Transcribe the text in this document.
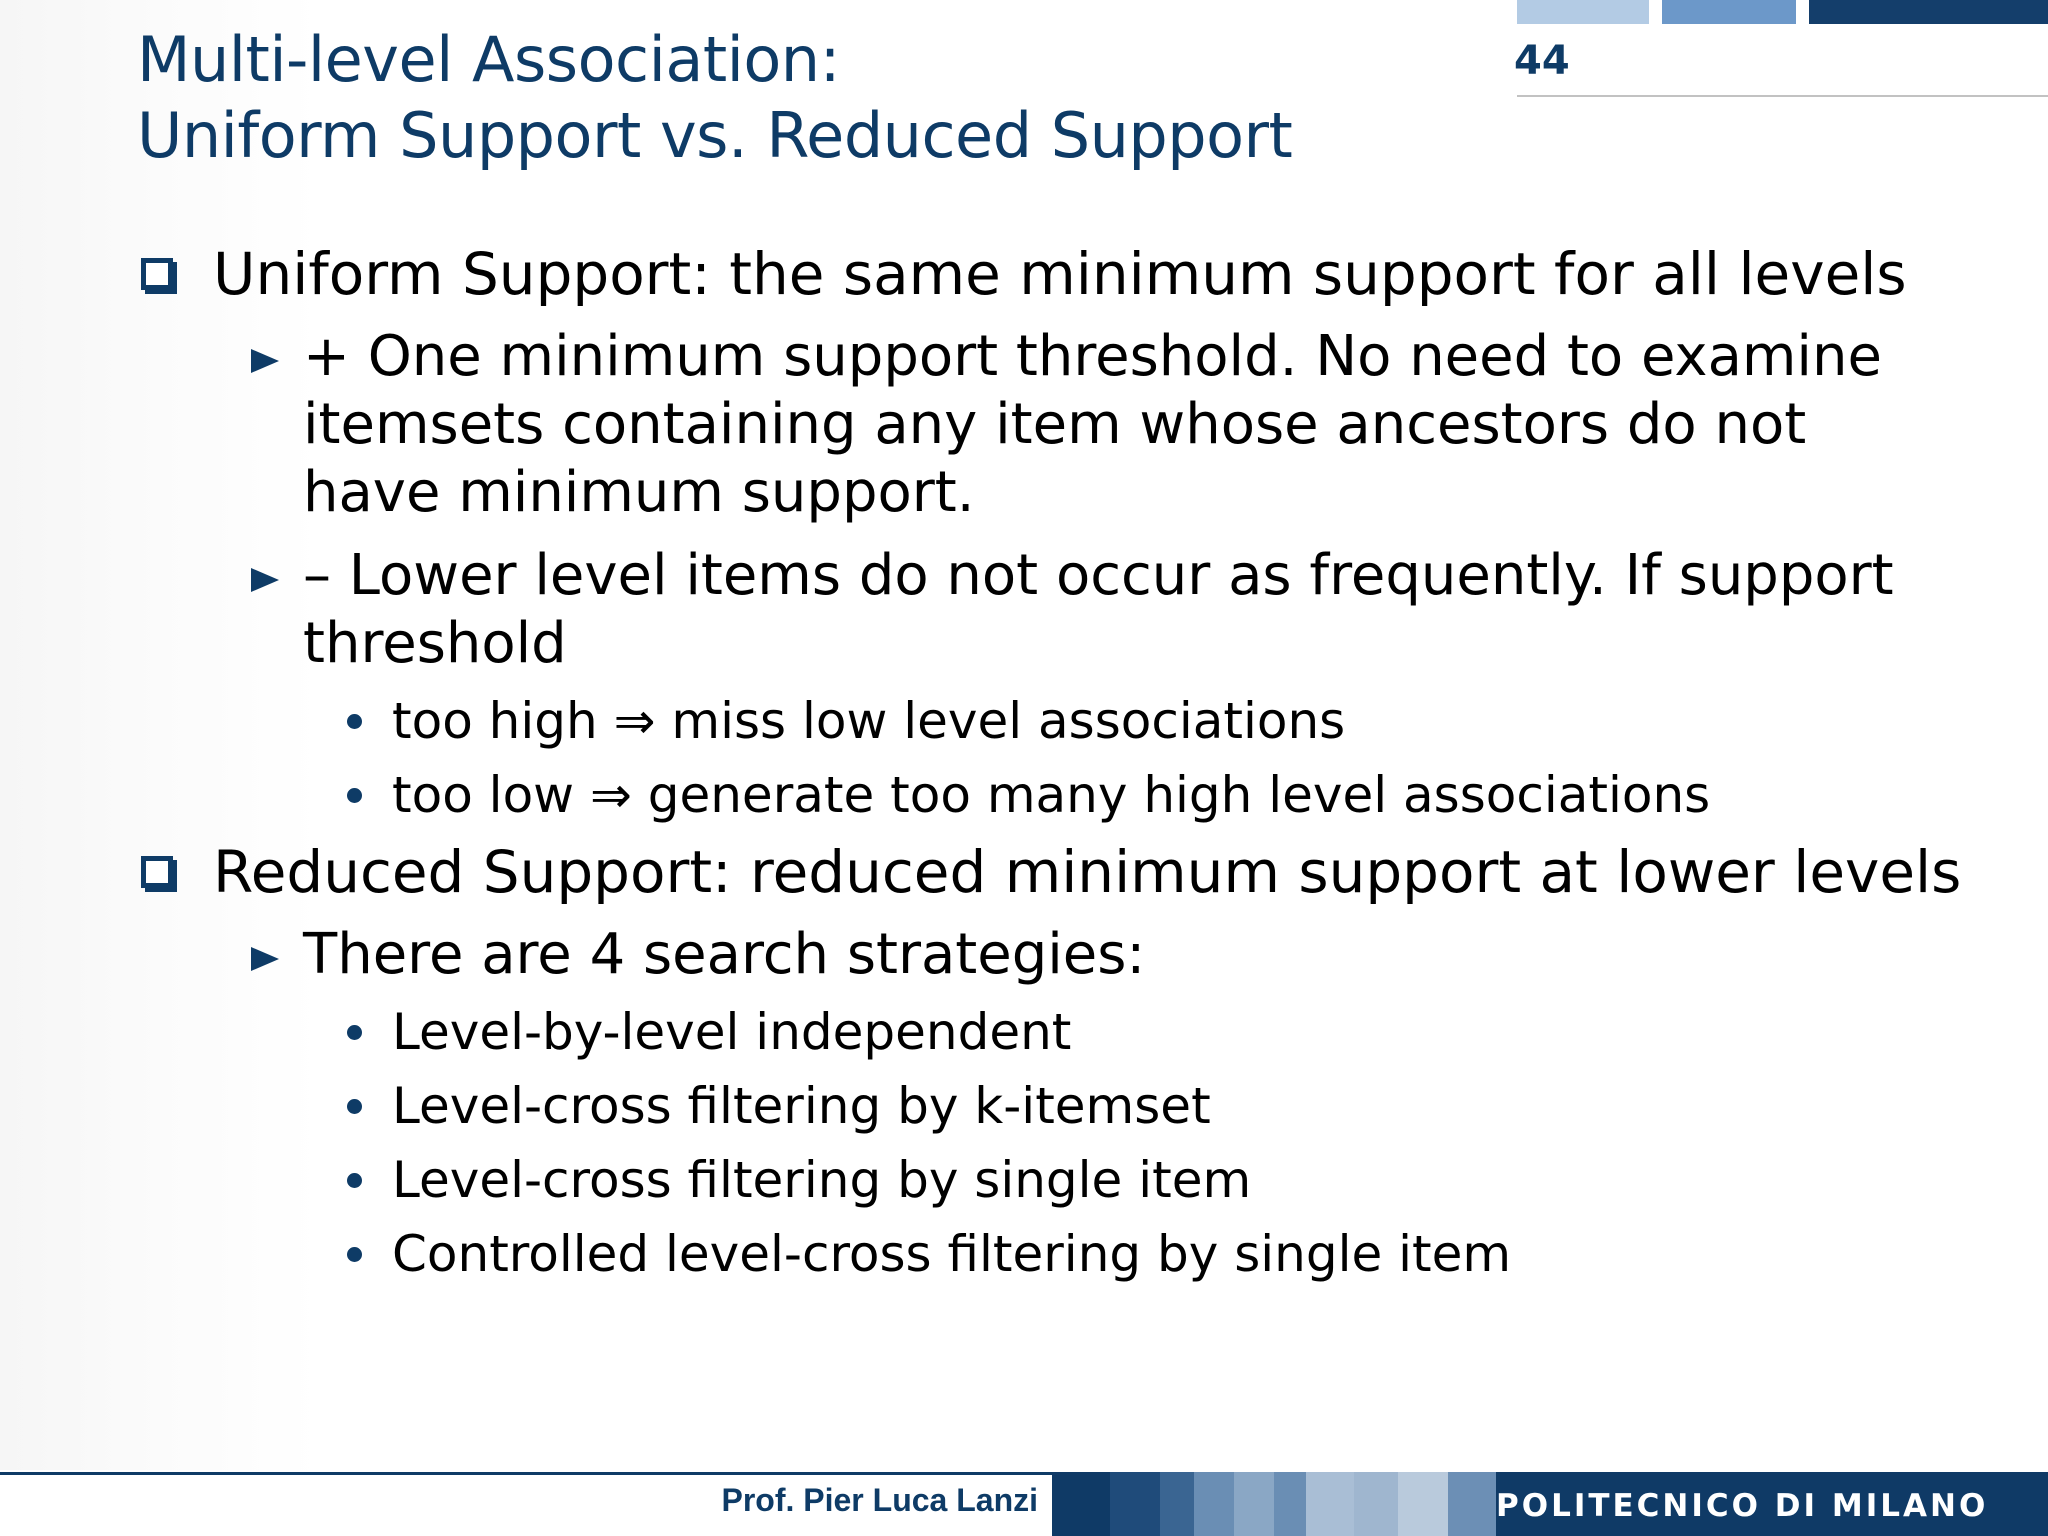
44
Multi-level Association:
Uniform Support vs. Reduced Support
Uniform Support: the same minimum support for all levels
+ One minimum support threshold. No need to examine
itemsets containing any item whose ancestors do not
have minimum support.
– Lower level items do not occur as frequently. If support
threshold
too high ⇒ miss low level associations
too low ⇒ generate too many high level associations
Reduced Support: reduced minimum support at lower levels
There are 4 search strategies:
Level-by-level independent
Level-cross filtering by k-itemset
Level-cross filtering by single item
Controlled level-cross filtering by single item
Prof. Pier Luca Lanzi	POLITECNICO DI MILANO
